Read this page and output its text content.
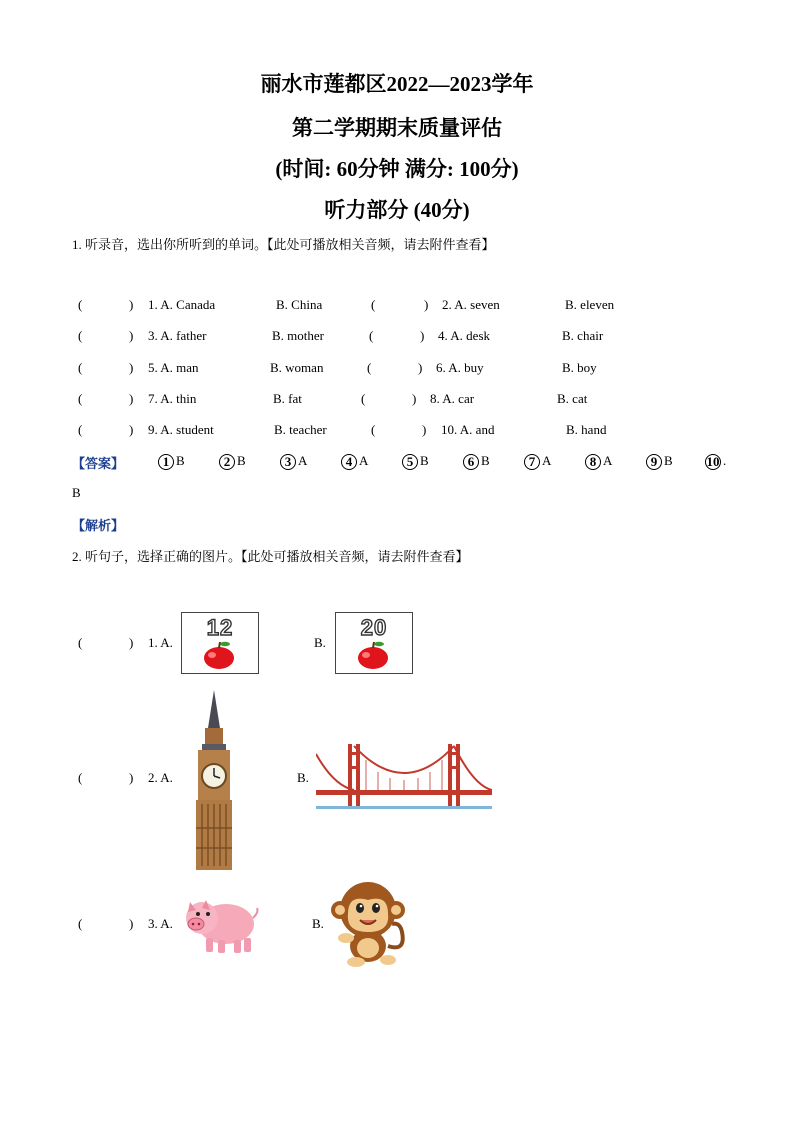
丽水市莲都区2022—2023学年
第二学期期末质量评估
(时间: 60分钟 满分: 100分)
听力部分 (40分)
1. 听录音，选出你所听到的单词。【此处可播放相关音频，请去附件查看】
(	) 1. A. Canada	B. China	(	) 2. A. seven	B. eleven
(	) 3. A. father	B. mother	(	) 4. A. desk	B. chair
(	) 5. A. man	B. woman	(	) 6. A. buy	B. boy
(	) 7. A. thin	B. fat	(	) 8. A. car	B. cat
(	) 9. A. student	B. teacher	(	) 10. A. and	B. hand
【答案】	1 B	2 B	3 A	4 A	5 B	6 B	7 A	8 A	9 B	10 .
B
【解析】
2. 听句子，选择正确的图片。【此处可播放相关音频，请去附件查看】
(	) 1. A.	B.
12	20
(	) 2. A.	B.
(	) 3. A.	B.
